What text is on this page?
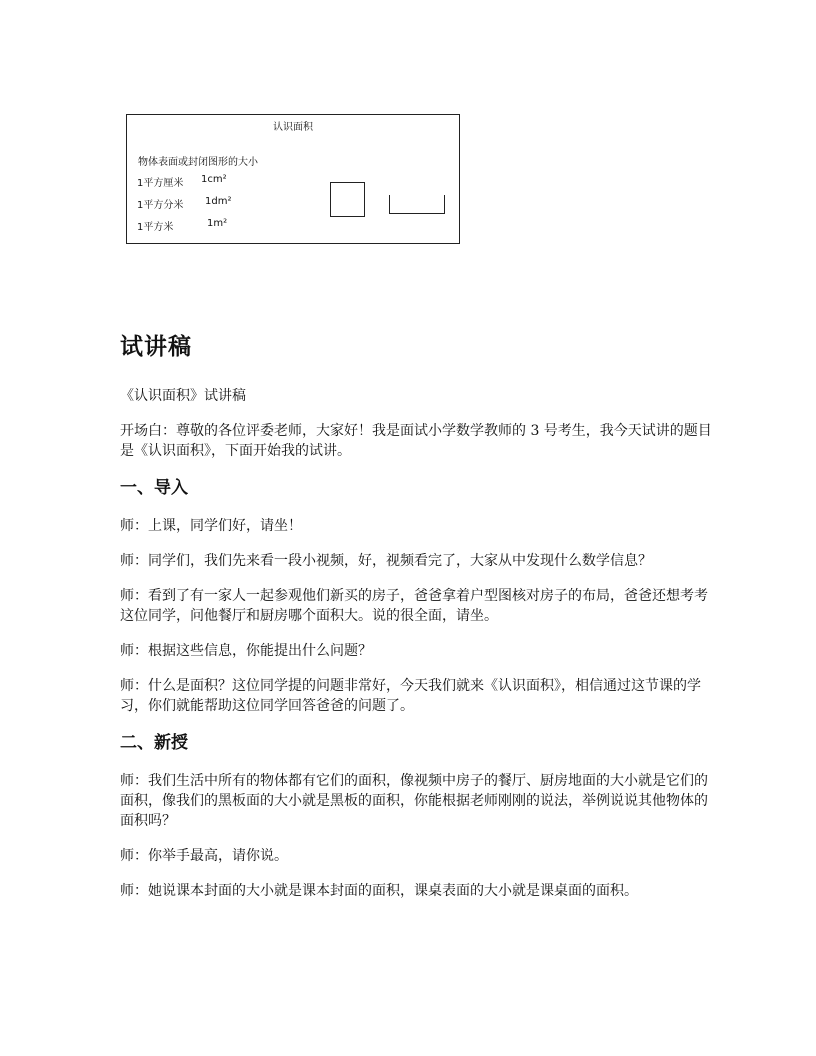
认识面积
物体表面或封闭图形的大小
1平方厘米 1cm²
1平方分米 1dm²
1平方米	1m²
试讲稿

《认识面积》试讲稿

开场白：尊敬的各位评委老师，大家好！我是面试小学数学教师的 3 号考生，我今天试讲的题目是《认识面积》，下面开始我的试讲。

一、导入

师：上课，同学们好，请坐！

师：同学们，我们先来看一段小视频，好，视频看完了，大家从中发现什么数学信息？

师：看到了有一家人一起参观他们新买的房子，爸爸拿着户型图核对房子的布局，爸爸还想考考这位同学，问他餐厅和厨房哪个面积大。说的很全面，请坐。

师：根据这些信息，你能提出什么问题？

师：什么是面积？这位同学提的问题非常好，今天我们就来《认识面积》，相信通过这节课的学习，你们就能帮助这位同学回答爸爸的问题了。

二、新授

师：我们生活中所有的物体都有它们的面积，像视频中房子的餐厅、厨房地面的大小就是它们的面积，像我们的黑板面的大小就是黑板的面积，你能根据老师刚刚的说法，举例说说其他物体的面积吗？

师：你举手最高，请你说。

师：她说课本封面的大小就是课本封面的面积，课桌表面的大小就是课桌面的面积。
